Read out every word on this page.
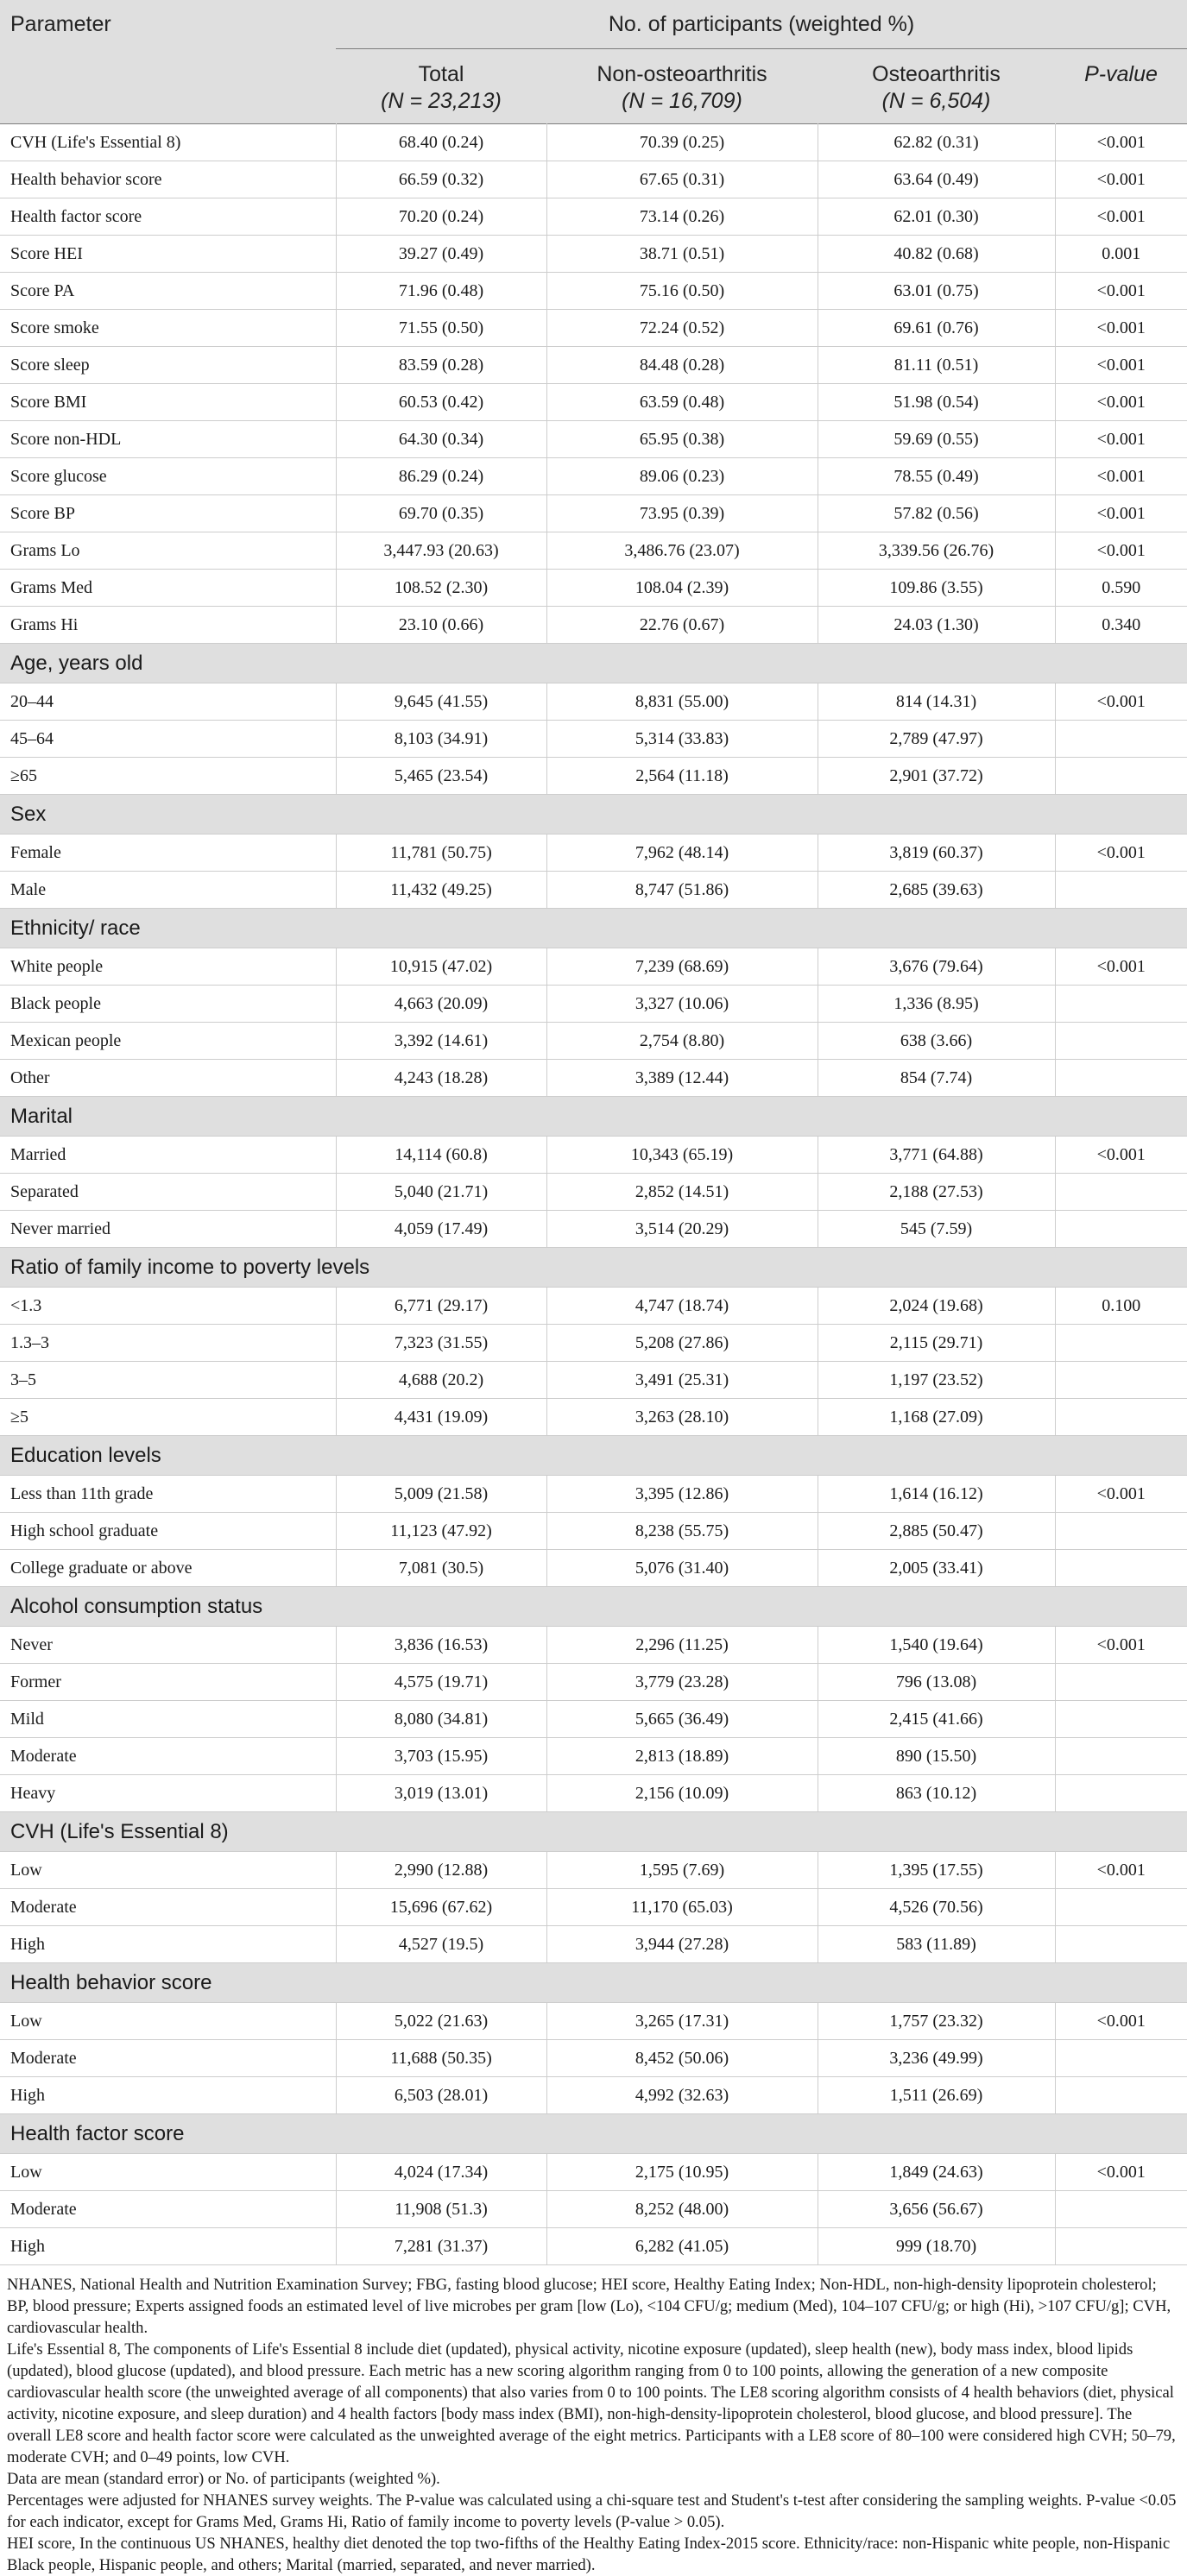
Parameter	No. of participants (weighted %)			
	Total	Non-osteoarthritis	Osteoarthritis	P-value
	(N = 23,213)	(N = 16,709)	(N = 6,504)	
CVH (Life's Essential 8)	68.40 (0.24)	70.39 (0.25)	62.82 (0.31)	<0.001
Health behavior score	66.59 (0.32)	67.65 (0.31)	63.64 (0.49)	<0.001
Health factor score	70.20 (0.24)	73.14 (0.26)	62.01 (0.30)	<0.001
Score HEI	39.27 (0.49)	38.71 (0.51)	40.82 (0.68)	0.001
Score PA	71.96 (0.48)	75.16 (0.50)	63.01 (0.75)	<0.001
Score smoke	71.55 (0.50)	72.24 (0.52)	69.61 (0.76)	<0.001
Score sleep	83.59 (0.28)	84.48 (0.28)	81.11 (0.51)	<0.001
Score BMI	60.53 (0.42)	63.59 (0.48)	51.98 (0.54)	<0.001
Score non-HDL	64.30 (0.34)	65.95 (0.38)	59.69 (0.55)	<0.001
Score glucose	86.29 (0.24)	89.06 (0.23)	78.55 (0.49)	<0.001
Score BP	69.70 (0.35)	73.95 (0.39)	57.82 (0.56)	<0.001
Grams Lo	3,447.93 (20.63)	3,486.76 (23.07)	3,339.56 (26.76)	<0.001
Grams Med	108.52 (2.30)	108.04 (2.39)	109.86 (3.55)	0.590
Grams Hi	23.10 (0.66)	22.76 (0.67)	24.03 (1.30)	0.340
Age, years old				
20–44	9,645 (41.55)	8,831 (55.00)	814 (14.31)	<0.001
45–64	8,103 (34.91)	5,314 (33.83)	2,789 (47.97)	
≥65	5,465 (23.54)	2,564 (11.18)	2,901 (37.72)	
Sex				
Female	11,781 (50.75)	7,962 (48.14)	3,819 (60.37)	<0.001
Male	11,432 (49.25)	8,747 (51.86)	2,685 (39.63)	
Ethnicity/ race				
White people	10,915 (47.02)	7,239 (68.69)	3,676 (79.64)	<0.001
Black people	4,663 (20.09)	3,327 (10.06)	1,336 (8.95)	
Mexican people	3,392 (14.61)	2,754 (8.80)	638 (3.66)	
Other	4,243 (18.28)	3,389 (12.44)	854 (7.74)	
Marital				
Married	14,114 (60.8)	10,343 (65.19)	3,771 (64.88)	<0.001
Separated	5,040 (21.71)	2,852 (14.51)	2,188 (27.53)	
Never married	4,059 (17.49)	3,514 (20.29)	545 (7.59)	
Ratio of family income to poverty levels				
<1.3	6,771 (29.17)	4,747 (18.74)	2,024 (19.68)	0.100
1.3–3	7,323 (31.55)	5,208 (27.86)	2,115 (29.71)	
3–5	4,688 (20.2)	3,491 (25.31)	1,197 (23.52)	
≥5	4,431 (19.09)	3,263 (28.10)	1,168 (27.09)	
Education levels				
Less than 11th grade	5,009 (21.58)	3,395 (12.86)	1,614 (16.12)	<0.001
High school graduate	11,123 (47.92)	8,238 (55.75)	2,885 (50.47)	
College graduate or above	7,081 (30.5)	5,076 (31.40)	2,005 (33.41)	
Alcohol consumption status				
Never	3,836 (16.53)	2,296 (11.25)	1,540 (19.64)	<0.001
Former	4,575 (19.71)	3,779 (23.28)	796 (13.08)	
Mild	8,080 (34.81)	5,665 (36.49)	2,415 (41.66)	
Moderate	3,703 (15.95)	2,813 (18.89)	890 (15.50)	
Heavy	3,019 (13.01)	2,156 (10.09)	863 (10.12)	
CVH (Life's Essential 8)				
Low	2,990 (12.88)	1,595 (7.69)	1,395 (17.55)	<0.001
Moderate	15,696 (67.62)	11,170 (65.03)	4,526 (70.56)	
High	4,527 (19.5)	3,944 (27.28)	583 (11.89)	
Health behavior score				
Low	5,022 (21.63)	3,265 (17.31)	1,757 (23.32)	<0.001
Moderate	11,688 (50.35)	8,452 (50.06)	3,236 (49.99)	
High	6,503 (28.01)	4,992 (32.63)	1,511 (26.69)	
Health factor score				
Low	4,024 (17.34)	2,175 (10.95)	1,849 (24.63)	<0.001
Moderate	11,908 (51.3)	8,252 (48.00)	3,656 (56.67)	
High	7,281 (31.37)	6,282 (41.05)	999 (18.70)	

NHANES, National Health and Nutrition Examination Survey; FBG, fasting blood glucose; HEI score, Healthy Eating Index; Non-HDL, non-high-density lipoprotein cholesterol; BP, blood pressure; Experts assigned foods an estimated level of live microbes per gram [low (Lo), <104 CFU/g; medium (Med), 104–107 CFU/g; or high (Hi), >107 CFU/g]; CVH, cardiovascular health.

Life's Essential 8, The components of Life's Essential 8 include diet (updated), physical activity, nicotine exposure (updated), sleep health (new), body mass index, blood lipids (updated), blood glucose (updated), and blood pressure. Each metric has a new scoring algorithm ranging from 0 to 100 points, allowing the generation of a new composite cardiovascular health score (the unweighted average of all components) that also varies from 0 to 100 points. The LE8 scoring algorithm consists of 4 health behaviors (diet, physical activity, nicotine exposure, and sleep duration) and 4 health factors [body mass index (BMI), non-high-density-lipoprotein cholesterol, blood glucose, and blood pressure]. The overall LE8 score and health factor score were calculated as the unweighted average of the eight metrics. Participants with a LE8 score of 80–100 were considered high CVH; 50–79, moderate CVH; and 0–49 points, low CVH.

Data are mean (standard error) or No. of participants (weighted %).

Percentages were adjusted for NHANES survey weights. The P-value was calculated using a chi-square test and Student's t-test after considering the sampling weights. P-value <0.05 for each indicator, except for Grams Med, Grams Hi, Ratio of family income to poverty levels (P-value > 0.05).

HEI score, In the continuous US NHANES, healthy diet denoted the top two-fifths of the Healthy Eating Index-2015 score. Ethnicity/race: non-Hispanic white people, non-Hispanic Black people, Hispanic people, and others; Marital (married, separated, and never married).
